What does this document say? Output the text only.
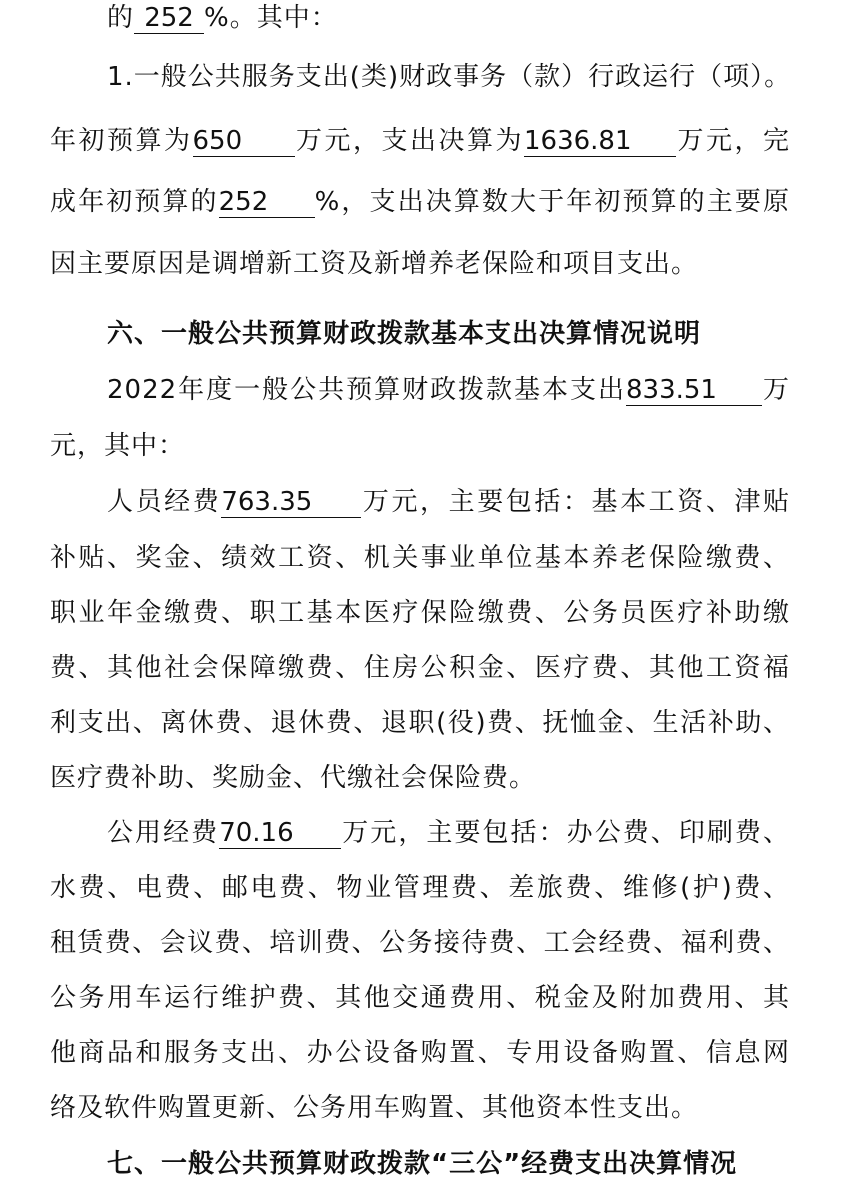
的 252 %。其中：
1.一般公共服务支出(类)财政事务（款）行政运行（项）。
年初预算为650 万元，支出决算为1636.81 万元，完
成年初预算的252 %，支出决算数大于年初预算的主要原
因主要原因是调增新工资及新增养老保险和项目支出。
六、一般公共预算财政拨款基本支出决算情况说明
2022年度一般公共预算财政拨款基本支出833.51 万
元，其中：
人员经费763.35 万元，主要包括：基本工资、津贴
补贴、奖金、绩效工资、机关事业单位基本养老保险缴费、
职业年金缴费、职工基本医疗保险缴费、公务员医疗补助缴
费、其他社会保障缴费、住房公积金、医疗费、其他工资福
利支出、离休费、退休费、退职(役)费、抚恤金、生活补助、
医疗费补助、奖励金、代缴社会保险费。
公用经费70.16 万元，主要包括：办公费、印刷费、
水费、电费、邮电费、物业管理费、差旅费、维修(护)费、
租赁费、会议费、培训费、公务接待费、工会经费、福利费、
公务用车运行维护费、其他交通费用、税金及附加费用、其
他商品和服务支出、办公设备购置、专用设备购置、信息网
络及软件购置更新、公务用车购置、其他资本性支出。
七、一般公共预算财政拨款“三公”经费支出决算情况
